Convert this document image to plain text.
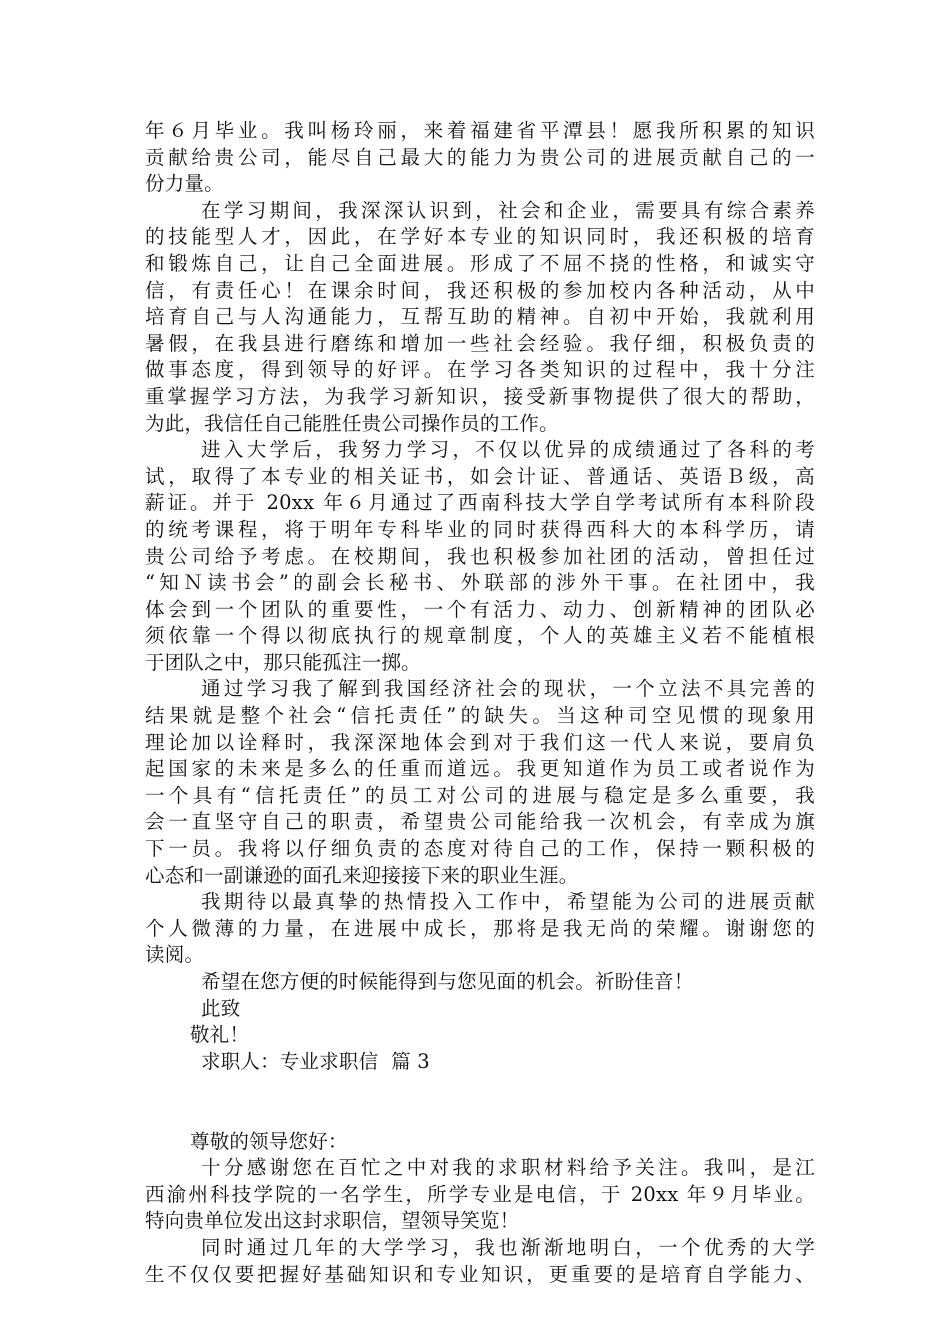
年６月毕业。我叫杨玲丽，来着福建省平潭县！愿我所积累的知识
贡献给贵公司，能尽自己最大的能力为贵公司的进展贡献自己的一
份力量。
在学习期间，我深深认识到，社会和企业，需要具有综合素养
的技能型人才，因此，在学好本专业的知识同时，我还积极的培育
和锻炼自己，让自己全面进展。形成了不屈不挠的性格，和诚实守
信，有责任心！在课余时间，我还积极的参加校内各种活动，从中
培育自己与人沟通能力，互帮互助的精神。自初中开始，我就利用
暑假，在我县进行磨练和增加一些社会经验。我仔细，积极负责的
做事态度，得到领导的好评。在学习各类知识的过程中，我十分注
重掌握学习方法，为我学习新知识，接受新事物提供了很大的帮助，
为此，我信任自己能胜任贵公司操作员的工作。
进入大学后，我努力学习，不仅以优异的成绩通过了各科的考
试，取得了本专业的相关证书，如会计证、普通话、英语Ｂ级，高
薪证。并于 20xx 年６月通过了西南科技大学自学考试所有本科阶段
的统考课程，将于明年专科毕业的同时获得西科大的本科学历，请
贵公司给予考虑。在校期间，我也积极参加社团的活动，曾担任过
“知Ｎ读书会”的副会长秘书、外联部的涉外干事。在社团中，我
体会到一个团队的重要性，一个有活力、动力、创新精神的团队必
须依靠一个得以彻底执行的规章制度，个人的英雄主义若不能植根
于团队之中，那只能孤注一掷。
通过学习我了解到我国经济社会的现状，一个立法不具完善的
结果就是整个社会“信托责任”的缺失。当这种司空见惯的现象用
理论加以诠释时，我深深地体会到对于我们这一代人来说，要肩负
起国家的未来是多么的任重而道远。我更知道作为员工或者说作为
一个具有“信托责任”的员工对公司的进展与稳定是多么重要，我
会一直坚守自己的职责，希望贵公司能给我一次机会，有幸成为旗
下一员。我将以仔细负责的态度对待自己的工作，保持一颗积极的
心态和一副谦逊的面孔来迎接接下来的职业生涯。
我期待以最真挚的热情投入工作中，希望能为公司的进展贡献
个人微薄的力量，在进展中成长，那将是我无尚的荣耀。谢谢您的
读阅。
希望在您方便的时候能得到与您见面的机会。祈盼佳音！
此致
敬礼！
求职人：专业求职信  篇 3
尊敬的领导您好：
十分感谢您在百忙之中对我的求职材料给予关注。我叫，是江
西渝州科技学院的一名学生，所学专业是电信，于 20xx 年９月毕业。
特向贵单位发出这封求职信，望领导笑览！
同时通过几年的大学学习，我也渐渐地明白，一个优秀的大学
生不仅仅要把握好基础知识和专业知识，更重要的是培育自学能力、
